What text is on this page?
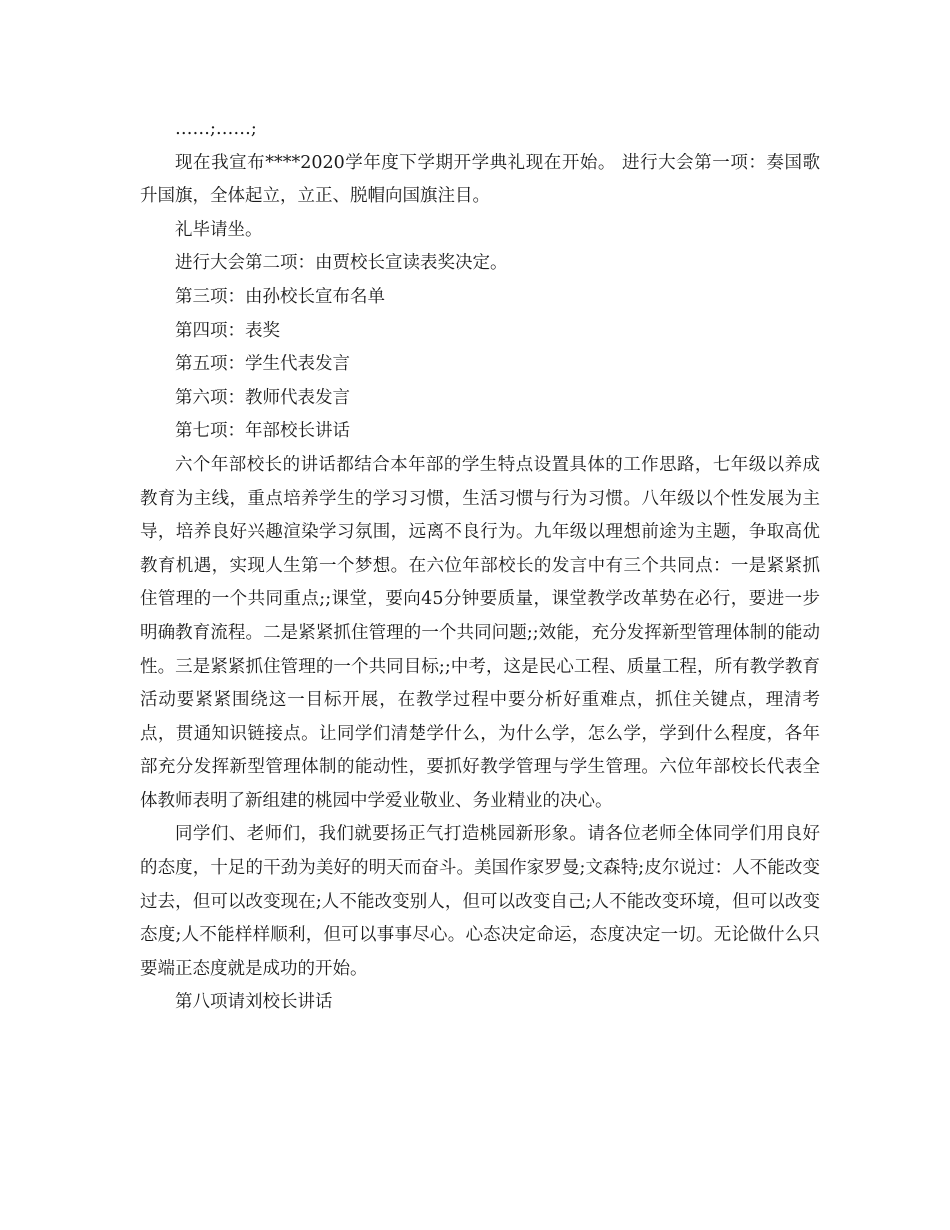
……;……;

现在我宣布****2020学年度下学期开学典礼现在开始。 进行大会第一项：奏国歌升国旗，全体起立，立正、脱帽向国旗注目。

礼毕请坐。

进行大会第二项：由贾校长宣读表奖决定。

第三项：由孙校长宣布名单

第四项：表奖

第五项：学生代表发言

第六项：教师代表发言

第七项：年部校长讲话

六个年部校长的讲话都结合本年部的学生特点设置具体的工作思路，七年级以养成教育为主线，重点培养学生的学习习惯，生活习惯与行为习惯。八年级以个性发展为主导，培养良好兴趣渲染学习氛围，远离不良行为。九年级以理想前途为主题，争取高优教育机遇，实现人生第一个梦想。在六位年部校长的发言中有三个共同点：一是紧紧抓住管理的一个共同重点;;课堂，要向45分钟要质量，课堂教学改革势在必行，要进一步明确教育流程。二是紧紧抓住管理的一个共同问题;;效能，充分发挥新型管理体制的能动性。三是紧紧抓住管理的一个共同目标;;中考，这是民心工程、质量工程，所有教学教育活动要紧紧围绕这一目标开展，在教学过程中要分析好重难点，抓住关键点，理清考点，贯通知识链接点。让同学们清楚学什么，为什么学，怎么学，学到什么程度，各年部充分发挥新型管理体制的能动性，要抓好教学管理与学生管理。六位年部校长代表全体教师表明了新组建的桃园中学爱业敬业、务业精业的决心。

同学们、老师们，我们就要扬正气打造桃园新形象。请各位老师全体同学们用良好的态度，十足的干劲为美好的明天而奋斗。美国作家罗曼;文森特;皮尔说过：人不能改变过去，但可以改变现在;人不能改变别人，但可以改变自己;人不能改变环境，但可以改变态度;人不能样样顺利，但可以事事尽心。心态决定命运，态度决定一切。无论做什么只要端正态度就是成功的开始。

第八项请刘校长讲话
